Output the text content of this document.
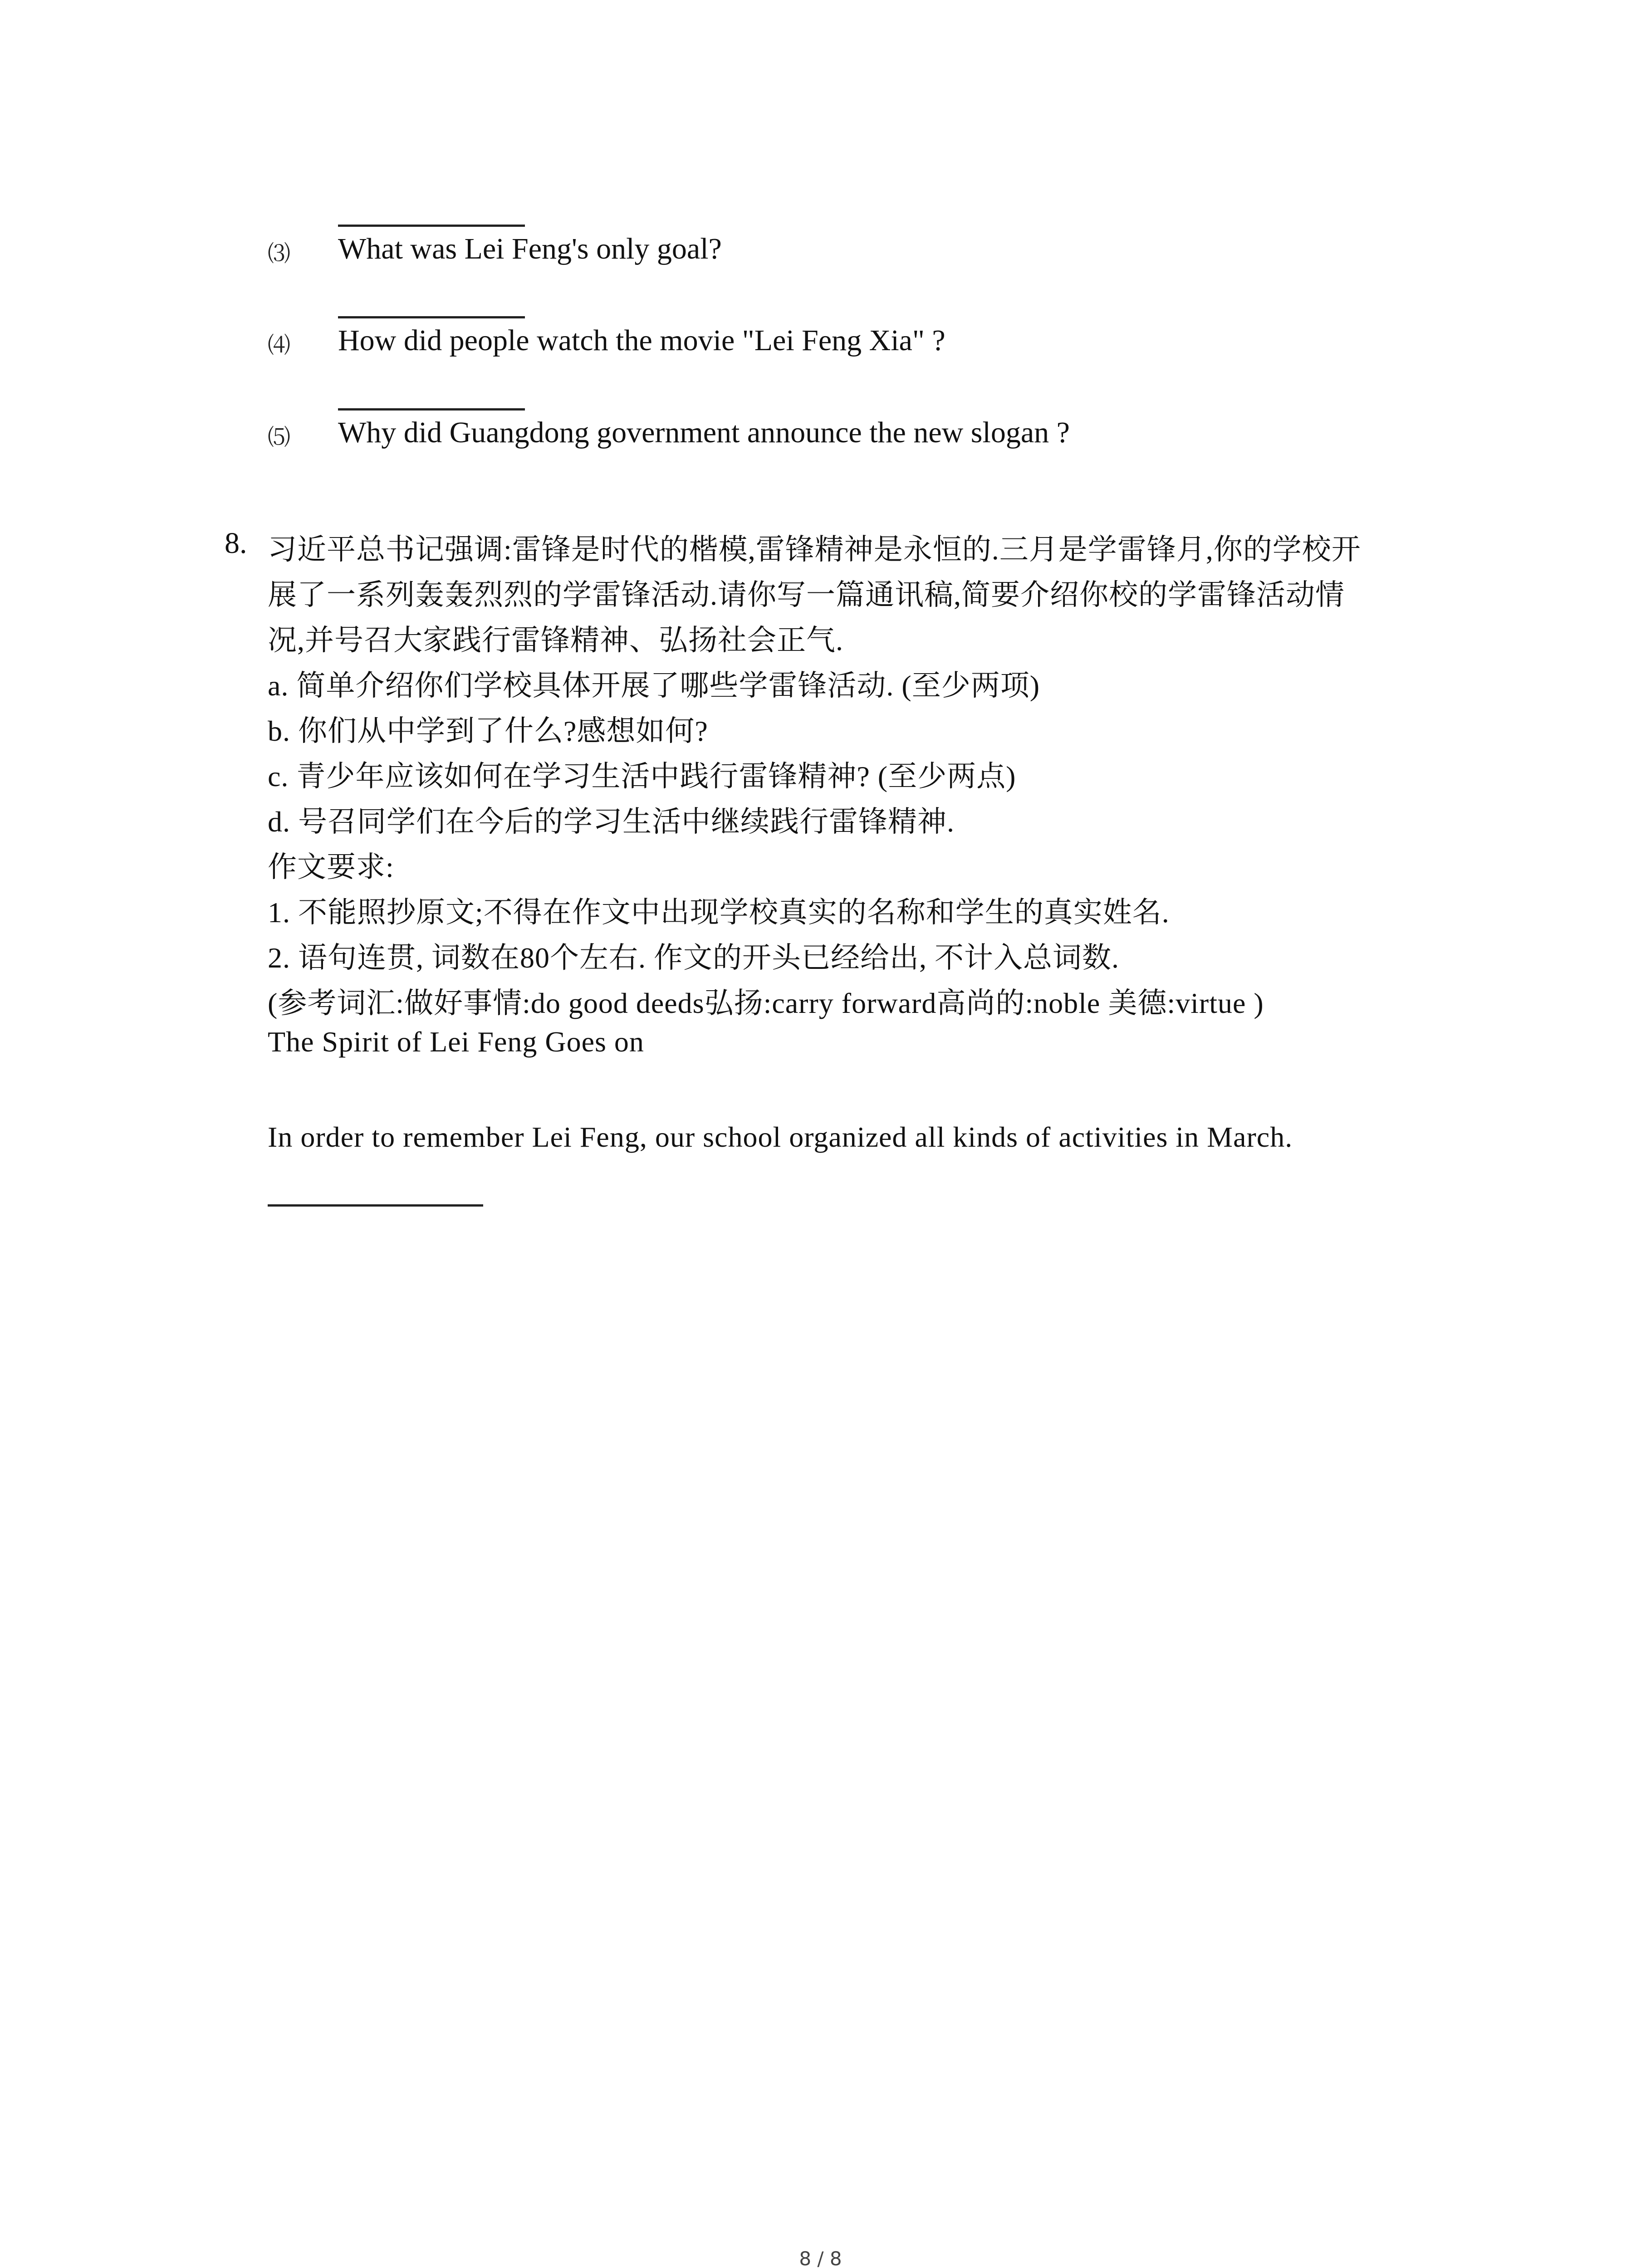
⑶ What was Lei Feng's only goal?
⑷ How did people watch the movie "Lei Feng Xia" ?
⑸ Why did Guangdong government announce the new slogan ?
8. 习近平总书记强调:雷锋是时代的楷模,雷锋精神是永恒的.三月是学雷锋月,你的学校开
展了一系列轰轰烈烈的学雷锋活动.请你写一篇通讯稿,简要介绍你校的学雷锋活动情
况,并号召大家践行雷锋精神、弘扬社会正气.
a. 简单介绍你们学校具体开展了哪些学雷锋活动. (至少两项)
b. 你们从中学到了什么?感想如何?
c. 青少年应该如何在学习生活中践行雷锋精神? (至少两点)
d. 号召同学们在今后的学习生活中继续践行雷锋精神.
作文要求:
1. 不能照抄原文;不得在作文中出现学校真实的名称和学生的真实姓名.
2. 语句连贯, 词数在80个左右. 作文的开头已经给出, 不计入总词数.
(参考词汇:做好事情:do good deeds弘扬:carry forward高尚的:noble 美德:virtue )
The Spirit of Lei Feng Goes on
In order to remember Lei Feng, our school organized all kinds of activities in March.
8 / 8
